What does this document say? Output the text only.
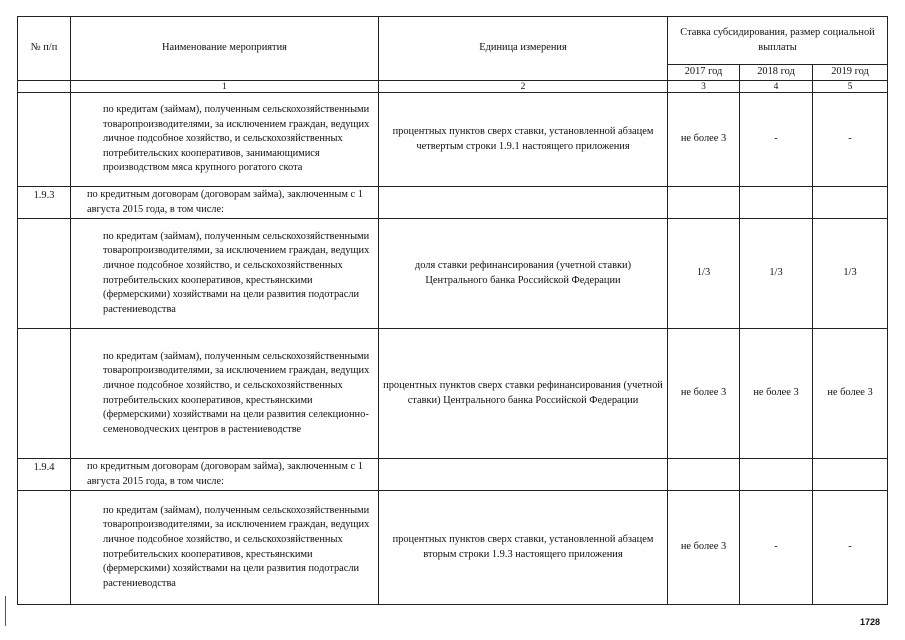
№ п/п	Наименование мероприятия	Единица измерения	Ставка субсидирования, размер социальной выплаты		
			2017 год	2018 год	2019 год
	1	2	3	4	5
	по кредитам (займам), полученным сельскохозяйственными товаропроизводителями, за исключением граждан, ведущих личное подсобное хозяйство, и сельскохозяйственных потребительских кооперативов, занимающимися производством мяса крупного рогатого скота	процентных пунктов сверх ставки, установленной абзацем четвертым строки 1.9.1 настоящего приложения	не более 3	-	-
1.9.3	по кредитным договорам (договорам займа), заключенным с 1 августа 2015 года, в том числе:				
	по кредитам (займам), полученным сельскохозяйственными товаропроизводителями, за исключением граждан, ведущих личное подсобное хозяйство, и сельскохозяйственных потребительских кооперативов, крестьянскими (фермерскими) хозяйствами на цели развития подотрасли растениеводства	доля ставки рефинансирования (учетной ставки) Центрального банка Российской Федерации	1/3	1/3	1/3
	по кредитам (займам), полученным сельскохозяйственными товаропроизводителями, за исключением граждан, ведущих личное подсобное хозяйство, и сельскохозяйственных потребительских кооперативов, крестьянскими (фермерскими) хозяйствами на цели развития селекционно-семеноводческих центров в растениеводстве	процентных пунктов сверх ставки рефинансирования (учетной ставки) Центрального банка Российской Федерации	не более 3	не более 3	не более 3
1.9.4	по кредитным договорам (договорам займа), заключенным с 1 августа 2015 года, в том числе:				
	по кредитам (займам), полученным сельскохозяйственными товаропроизводителями, за исключением граждан, ведущих личное подсобное хозяйство, и сельскохозяйственных потребительских кооперативов, крестьянскими (фермерскими) хозяйствами на цели развития подотрасли растениеводства	процентных пунктов сверх ставки, установленной абзацем вторым строки 1.9.3 настоящего приложения	не более 3	-	-
1728
